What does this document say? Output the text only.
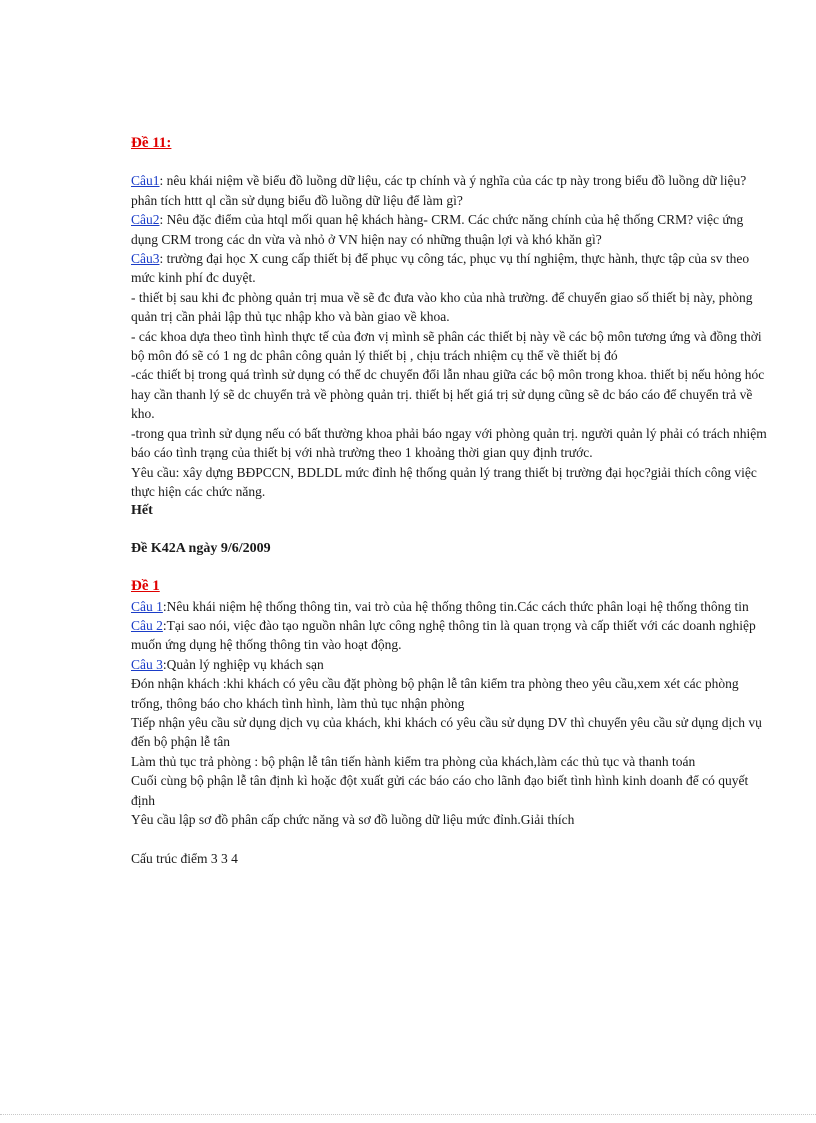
Đề 11:

Câu1: nêu khái niệm về biểu đồ luồng dữ liệu, các tp chính và ý nghĩa của các tp này trong biểu đồ luồng dữ liệu? phân tích httt ql cần sử dụng biểu đồ luồng dữ liệu để làm gì?

Câu2: Nêu đặc điểm của htql mối quan hệ khách hàng- CRM. Các chức năng chính của hệ thống CRM? việc ứng dụng CRM trong các dn vừa và nhỏ ở VN hiện nay có những thuận lợi và khó khăn gì?

Câu3: trường đại học X cung cấp thiết bị để phục vụ công tác, phục vụ thí nghiệm, thực hành, thực tập của sv theo mức kinh phí đc duyệt.

- thiết bị sau khi đc phòng quản trị mua về sẽ đc đưa vào kho của nhà trường. để chuyển giao số thiết bị này, phòng quản trị cần phải lập thủ tục nhập kho và bàn giao về khoa.

- các khoa dựa theo tình hình thực tế của đơn vị mình sẽ phân các thiết bị này về các bộ môn tương ứng và đồng thời bộ môn đó sẽ có 1 ng dc phân công quản lý thiết bị , chịu trách nhiệm cụ thể về thiết bị đó

-các thiết bị trong quá trình sử dụng có thể dc chuyển đổi lẫn nhau giữa các bộ môn trong khoa. thiết bị nếu hỏng hóc hay cần thanh lý sẽ dc chuyển trả về phòng quản trị. thiết bị hết giá trị sử dụng cũng sẽ dc báo cáo để chuyển trả về kho.

-trong qua trình sử dụng nếu có bất thường khoa phải báo ngay với phòng quản trị. người quản lý phải có trách nhiệm báo cáo tình trạng của thiết bị với nhà trường theo 1 khoảng thời gian quy định trước.

Yêu cầu: xây dựng BĐPCCN, BDLDL mức đỉnh hệ thống quản lý trang thiết bị trường đại học?giải thích công việc thực hiện các chức năng.

Hết

Đề K42A ngày 9/6/2009

Đề 1

Câu 1:Nêu khái niệm hệ thống thông tin, vai trò của hệ thống thông tin.Các cách thức phân loại hệ thống thông tin

Câu 2:Tại sao nói, việc đào tạo nguồn nhân lực công nghệ thông tin là quan trọng và cấp thiết với các doanh nghiệp muốn ứng dụng hệ thống thông tin vào hoạt động.

Câu 3:Quản lý nghiệp vụ khách sạn

Đón nhận khách :khi khách có yêu cầu đặt phòng bộ phận lễ tân kiểm tra phòng theo yêu cầu,xem xét các phòng trống, thông báo cho khách tình hình, làm thủ tục nhận phòng

Tiếp nhận yêu cầu sử dụng dịch vụ của khách, khi khách có yêu cầu sử dụng DV thì chuyển yêu cầu sử dụng dịch vụ đến bộ phận lễ tân

Làm thủ tục trả phòng : bộ phận lễ tân tiến hành kiểm tra phòng của khách,làm các thủ tục và thanh toán

Cuối cùng bộ phận lễ tân định kì hoặc đột xuất gửi các báo cáo cho lãnh đạo biết tình hình kinh doanh để có quyết định

Yêu cầu lập sơ đồ phân cấp chức năng và sơ đồ luồng dữ liệu mức đỉnh.Giải thích

Cấu trúc điểm 3 3 4
